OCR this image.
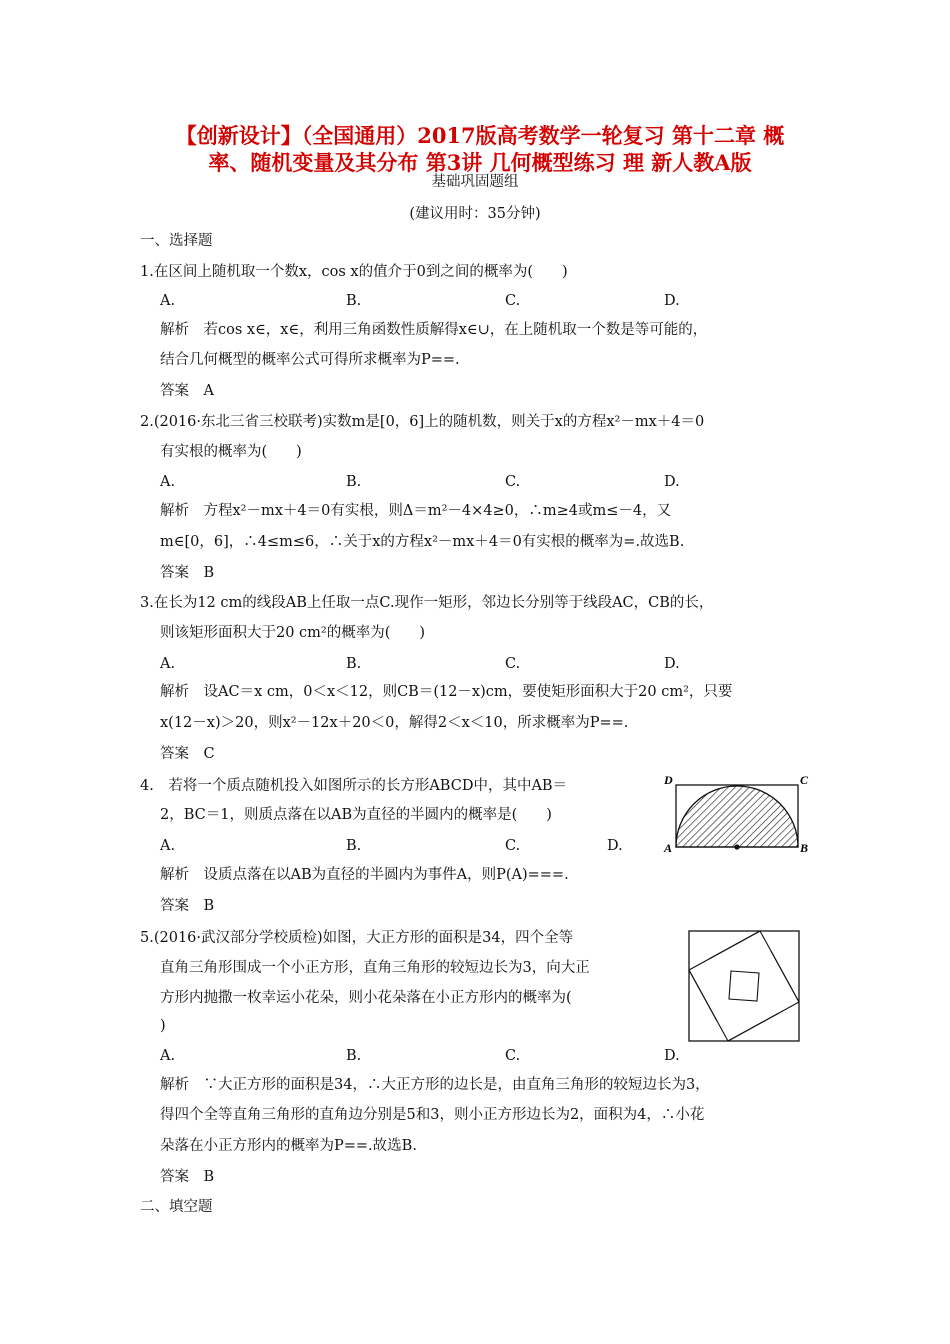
【创新设计】（全国通用）2017版高考数学一轮复习 第十二章 概
率、随机变量及其分布 第3讲 几何概型练习 理 新人教A版
基础巩固题组
(建议用时：35分钟)
一、选择题
1.在区间上随机取一个数x，cos x的值介于0到之间的概率为(　　)
A.	B.	C.	D.
解析　若cos x∈，x∈，利用三角函数性质解得x∈∪，在上随机取一个数是等可能的，
结合几何概型的概率公式可得所求概率为P==.
答案　A
2.(2016·东北三省三校联考)实数m是[0，6]上的随机数，则关于x的方程x²－mx＋4＝0
有实根的概率为(　　)
A.	B.	C.	D.
解析　方程x²－mx＋4＝0有实根，则Δ＝m²－4×4≥0，∴m≥4或m≤－4，又
m∈[0，6]，∴4≤m≤6，∴关于x的方程x²－mx＋4＝0有实根的概率为=.故选B.
答案　B
3.在长为12 cm的线段AB上任取一点C.现作一矩形，邻边长分别等于线段AC，CB的长，
则该矩形面积大于20 cm²的概率为(　　)
A.	B.	C.	D.
解析　设AC＝x cm，0＜x＜12，则CB＝(12－x)cm，要使矩形面积大于20 cm²，只要
x(12－x)＞20，则x²－12x＋20＜0，解得2＜x＜10，所求概率为P==.
答案　C
4.　若将一个质点随机投入如图所示的长方形ABCD中，其中AB＝
2，BC＝1，则质点落在以AB为直径的半圆内的概率是(　　)
A.	B.	C.	D.
解析　设质点落在以AB为直径的半圆内为事件A，则P(A)===.
答案　B
A	B
C
D
5.(2016·武汉部分学校质检)如图，大正方形的面积是34，四个全等
直角三角形围成一个小正方形，直角三角形的较短边长为3，向大正
方形内抛撒一枚幸运小花朵，则小花朵落在小正方形内的概率为(
)
A.	B.	C.	D.
解析　∵大正方形的面积是34，∴大正方形的边长是，由直角三角形的较短边长为3，
得四个全等直角三角形的直角边分别是5和3，则小正方形边长为2，面积为4，∴小花
朵落在小正方形内的概率为P==.故选B.
答案　B
二、填空题
